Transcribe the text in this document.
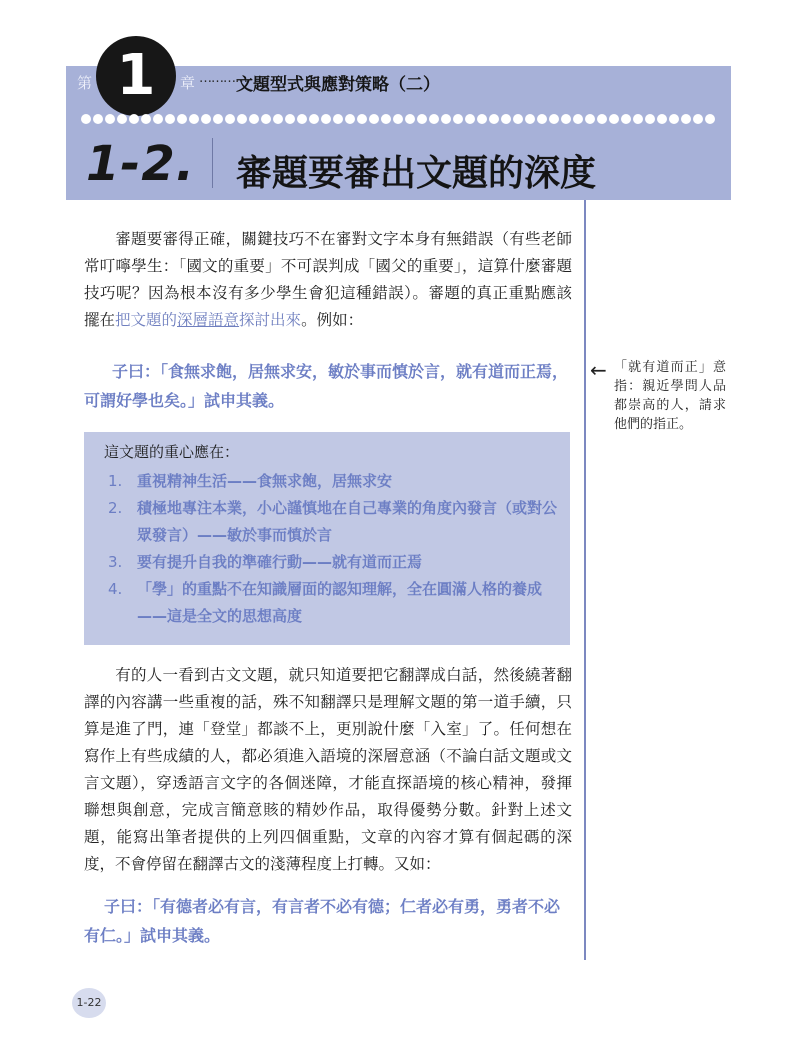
第 1	章 …………
文題型式與應對策略（二）
1-2. 審題要審出文題的深度

審題要審得正確，關鍵技巧不在審對文字本身有無錯誤（有些老師常叮嚀學生：「國文的重要」不可誤判成「國父的重要」，這算什麼審題技巧呢？因為根本沒有多少學生會犯這種錯誤）。審題的真正重點應該擺在把文題的深層語意探討出來。例如：

子曰：「食無求飽，居無求安，敏於事而慎於言，就有道而正焉，可謂好學也矣。」試申其義。

← 「就有道而正」意指：親近學問人品都崇高的人，請求他們的指正。

這文題的重心應在：

1. 重視精神生活——食無求飽，居無求安
2. 積極地專注本業，小心謹慎地在自己專業的角度內發言（或對公眾發言）——敏於事而慎於言
3. 要有提升自我的準確行動——就有道而正焉
4. 「學」的重點不在知識層面的認知理解，全在圓滿人格的養成——這是全文的思想高度

有的人一看到古文文題，就只知道要把它翻譯成白話，然後繞著翻譯的內容講一些重複的話，殊不知翻譯只是理解文題的第一道手續，只算是進了門，連「登堂」都談不上，更別說什麼「入室」了。任何想在寫作上有些成績的人，都必須進入語境的深層意涵（不論白話文題或文言文題），穿透語言文字的各個迷障，才能直探語境的核心精神，發揮聯想與創意，完成言簡意賅的精妙作品，取得優勢分數。針對上述文題，能寫出筆者提供的上列四個重點，文章的內容才算有個起碼的深度，不會停留在翻譯古文的淺薄程度上打轉。又如：

子曰：「有德者必有言，有言者不必有德；仁者必有勇，勇者不必有仁。」試申其義。

1-22
